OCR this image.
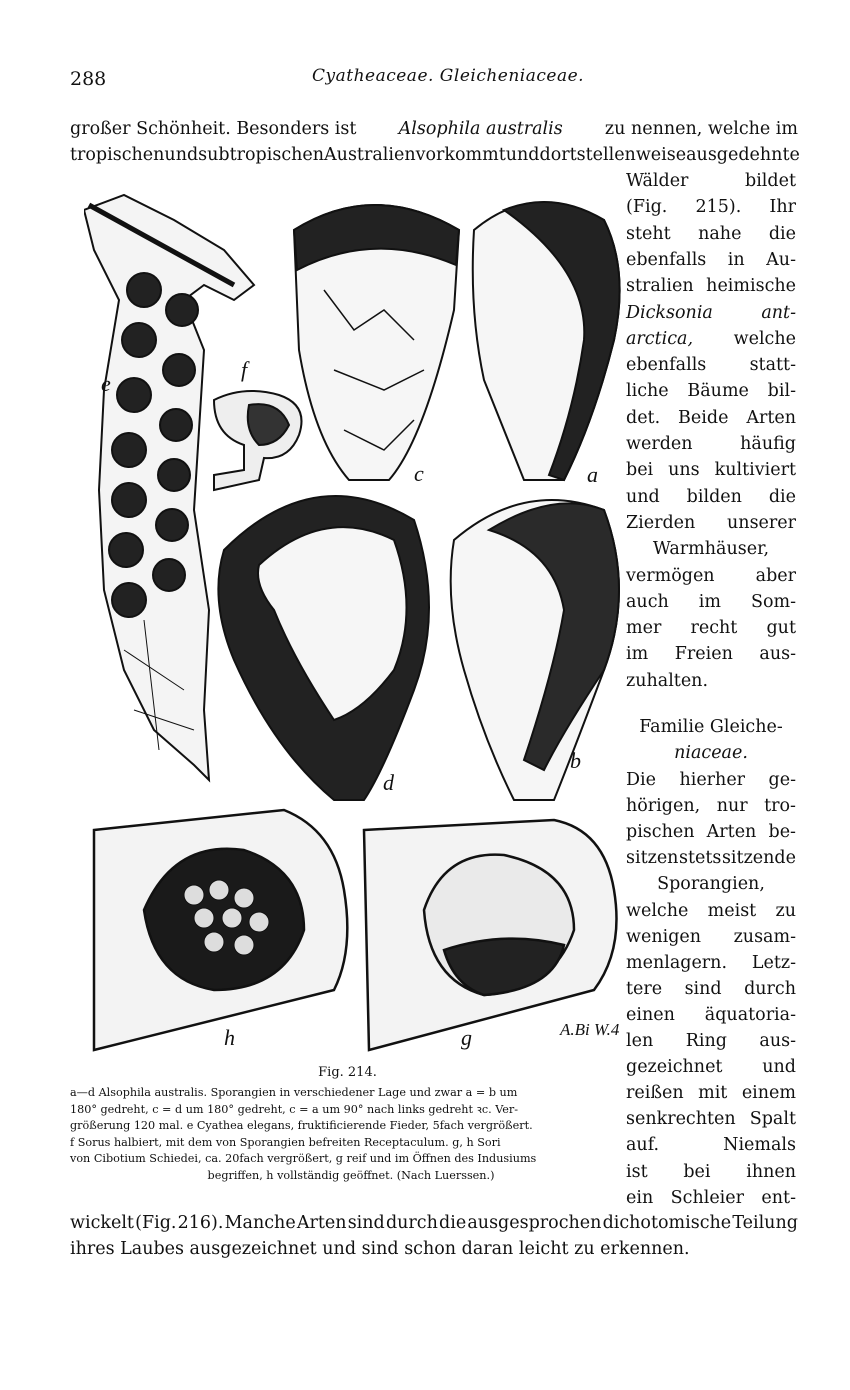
288	Cyatheaceae. Gleicheniaceae.
großer Schönheit. Besonders ist Alsophila australis zu nennen, welche im
tropischen und subtropischen Australien vorkommt und dort stellenweise ausgedehnte
Wälder	bildet
(Fig. 215). Ihr
steht nahe die
ebenfalls in Au-
stralien heimische
Dicksonia	ant-
arctica, welche
ebenfalls statt-
liche Bäume bil-
det. Beide Arten
werden	häufig
bei uns kultiviert
und bilden die
Zierden unserer
Warmhäuser,
vermögen aber
auch im Som-
mer recht gut
im Freien aus-
zuhalten.
Familie Gleiche-
niaceae.
Die hierher ge-
hörigen, nur tro-
pischen Arten be-
sitzen stets sitzende
Sporangien,
welche meist zu
wenigen zusam-
menlagern. Letz-
tere sind durch
einen äquatoria-
len Ring aus-
gezeichnet und
reißen mit einem
senkrechten Spalt
auf.	Niemals
ist bei ihnen
ein Schleier ent-
wickelt (Fig. 216). Manche Arten sind durch die ausgesprochen dichotomische Teilung
ihres Laubes ausgezeichnet und sind schon daran leicht zu erkennen.
e
f
c	a
d
b
h	g	A.Bi W.4
Fig. 214.
a—d Alsophila australis. Sporangien in verschiedener Lage und zwar a = b um
180° gedreht, c = d um 180° gedreht, c = a um 90° nach links gedreht ꝛc. Ver-
größerung 120 mal. e Cyathea elegans, fruktificierende Fieder, 5fach vergrößert.
f Sorus halbiert, mit dem von Sporangien befreiten Receptaculum. g, h Sori
von Cibotium Schiedei, ca. 20fach vergrößert, g reif und im Öffnen des Indusiums
begriffen, h vollständig geöffnet. (Nach Luerssen.)
